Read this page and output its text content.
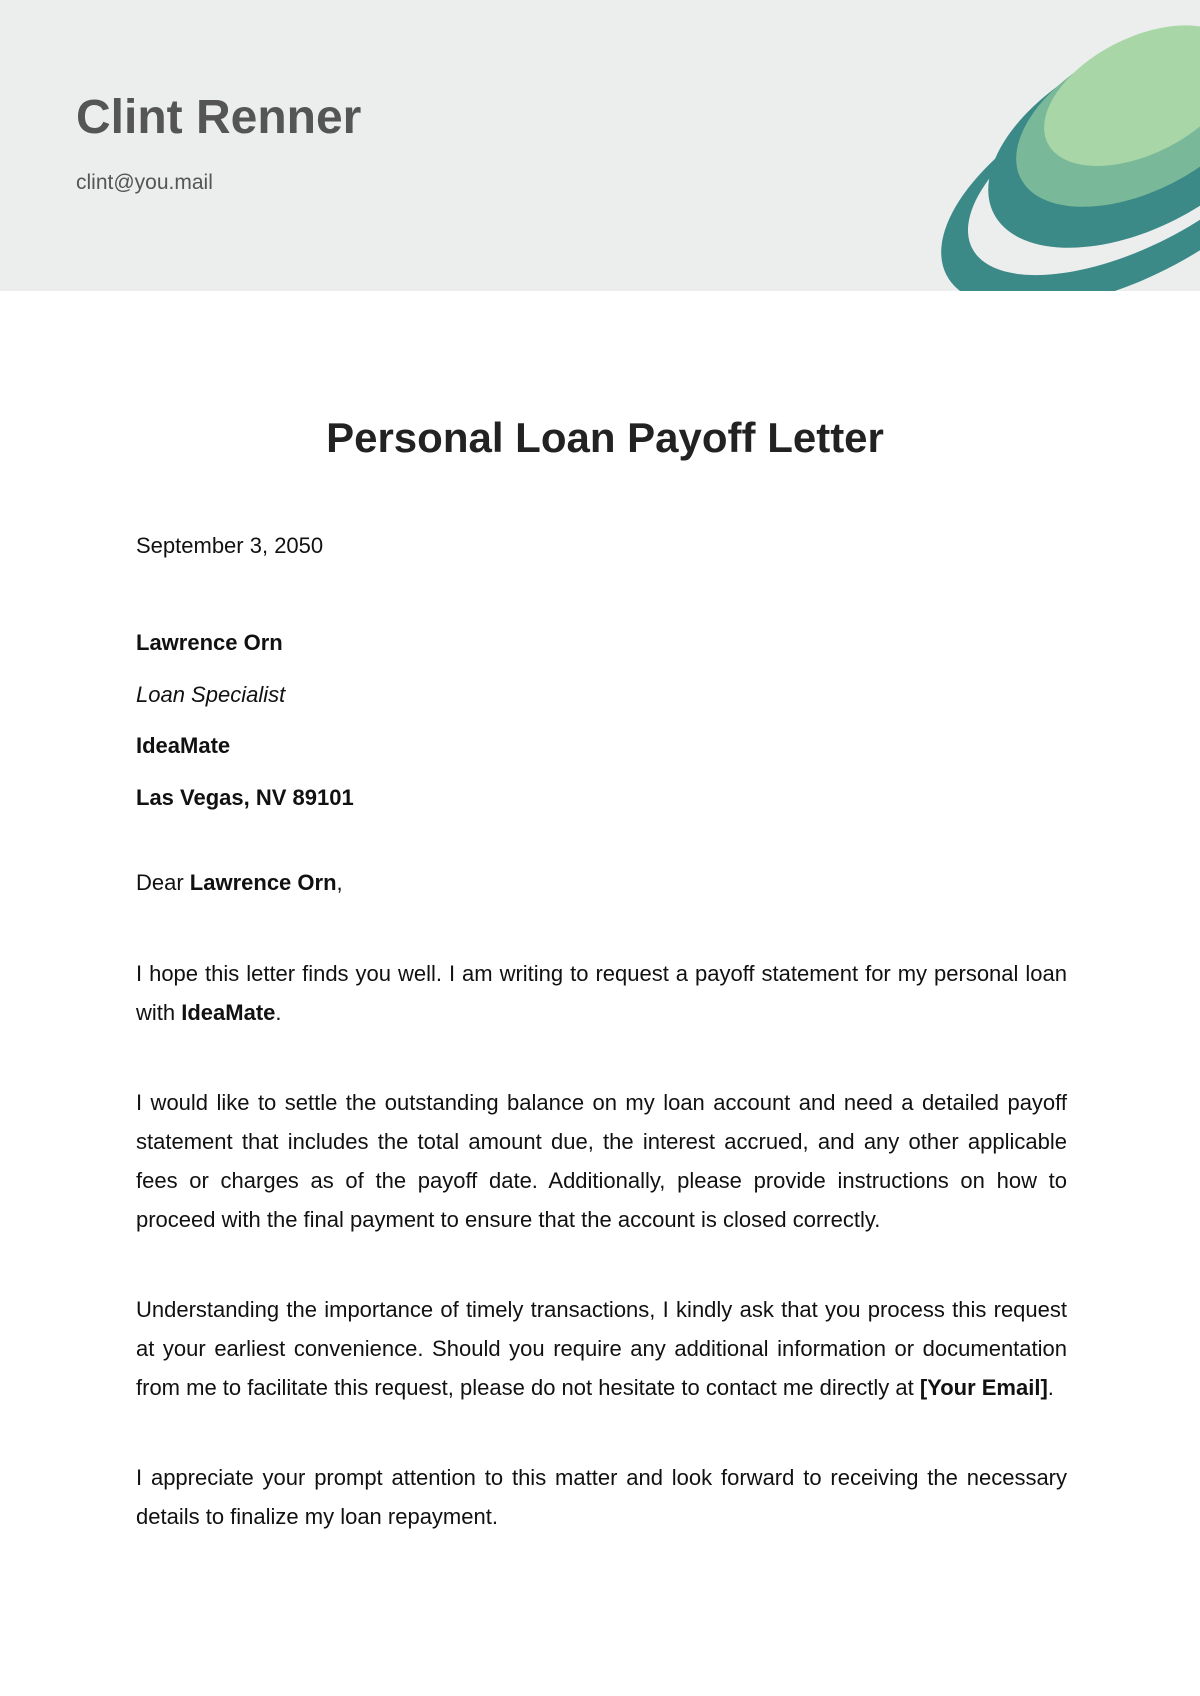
Clint Renner
clint@you.mail
Personal Loan Payoff Letter

September 3, 2050

Lawrence Orn

Loan Specialist

IdeaMate

Las Vegas, NV 89101

Dear Lawrence Orn,

I hope this letter finds you well. I am writing to request a payoff statement for my personal loan with IdeaMate.

I would like to settle the outstanding balance on my loan account and need a detailed payoff statement that includes the total amount due, the interest accrued, and any other applicable fees or charges as of the payoff date. Additionally, please provide instructions on how to proceed with the final payment to ensure that the account is closed correctly.

Understanding the importance of timely transactions, I kindly ask that you process this request at your earliest convenience. Should you require any additional information or documentation from me to facilitate this request, please do not hesitate to contact me directly at [Your Email].

I appreciate your prompt attention to this matter and look forward to receiving the necessary details to finalize my loan repayment.
